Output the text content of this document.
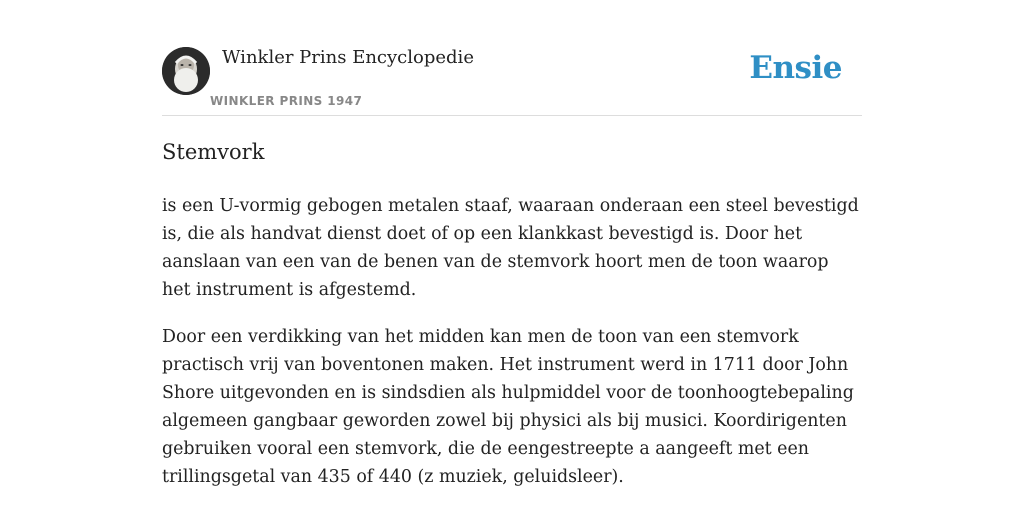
Winkler Prins Encyclopedie
WINKLER PRINS 1947
Ensie
Stemvork

is een U-vormig gebogen metalen staaf, waaraan onderaan een steel bevestigd is, die als handvat dienst doet of op een klankkast bevestigd is. Door het aanslaan van een van de benen van de stemvork hoort men de toon waarop het instrument is afgestemd.

Door een verdikking van het midden kan men de toon van een stemvork practisch vrij van boventonen maken. Het instrument werd in 1711 door John Shore uitgevonden en is sindsdien als hulpmiddel voor de toonhoogtebepaling algemeen gangbaar geworden zowel bij physici als bij musici. Koordirigenten gebruiken vooral een stemvork, die de eengestreepte a aangeeft met een trillingsgetal van 435 of 440 (z muziek, geluidsleer).
